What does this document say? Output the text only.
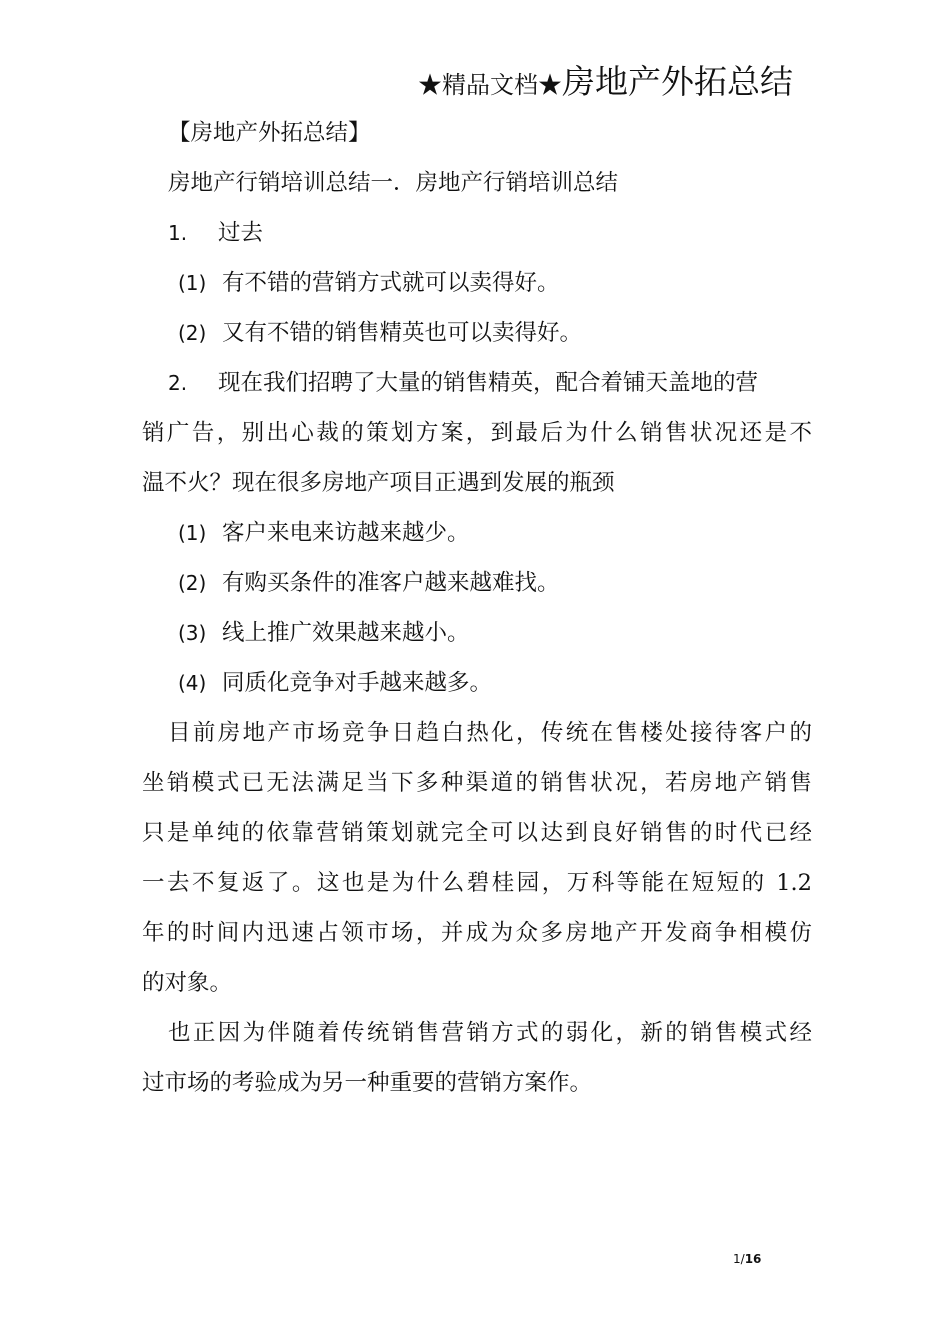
★精品文档★房地产外拓总结
【房地产外拓总结】
房地产行销培训总结一．房地产行销培训总结
1. 过去
(1) 有不错的营销方式就可以卖得好。
(2) 又有不错的销售精英也可以卖得好。
2. 现在我们招聘了大量的销售精英，配合着铺天盖地的营
销广告，别出心裁的策划方案，到最后为什么销售状况还是不
温不火？现在很多房地产项目正遇到发展的瓶颈
(1) 客户来电来访越来越少。
(2) 有购买条件的准客户越来越难找。
(3) 线上推广效果越来越小。
(4) 同质化竞争对手越来越多。
目前房地产市场竞争日趋白热化，传统在售楼处接待客户的
坐销模式已无法满足当下多种渠道的销售状况，若房地产销售
只是单纯的依靠营销策划就完全可以达到良好销售的时代已经
一去不复返了。这也是为什么碧桂园，万科等能在短短的 1.2
年的时间内迅速占领市场，并成为众多房地产开发商争相模仿
的对象。
也正因为伴随着传统销售营销方式的弱化，新的销售模式经
过市场的考验成为另一种重要的营销方案作。
1/16
